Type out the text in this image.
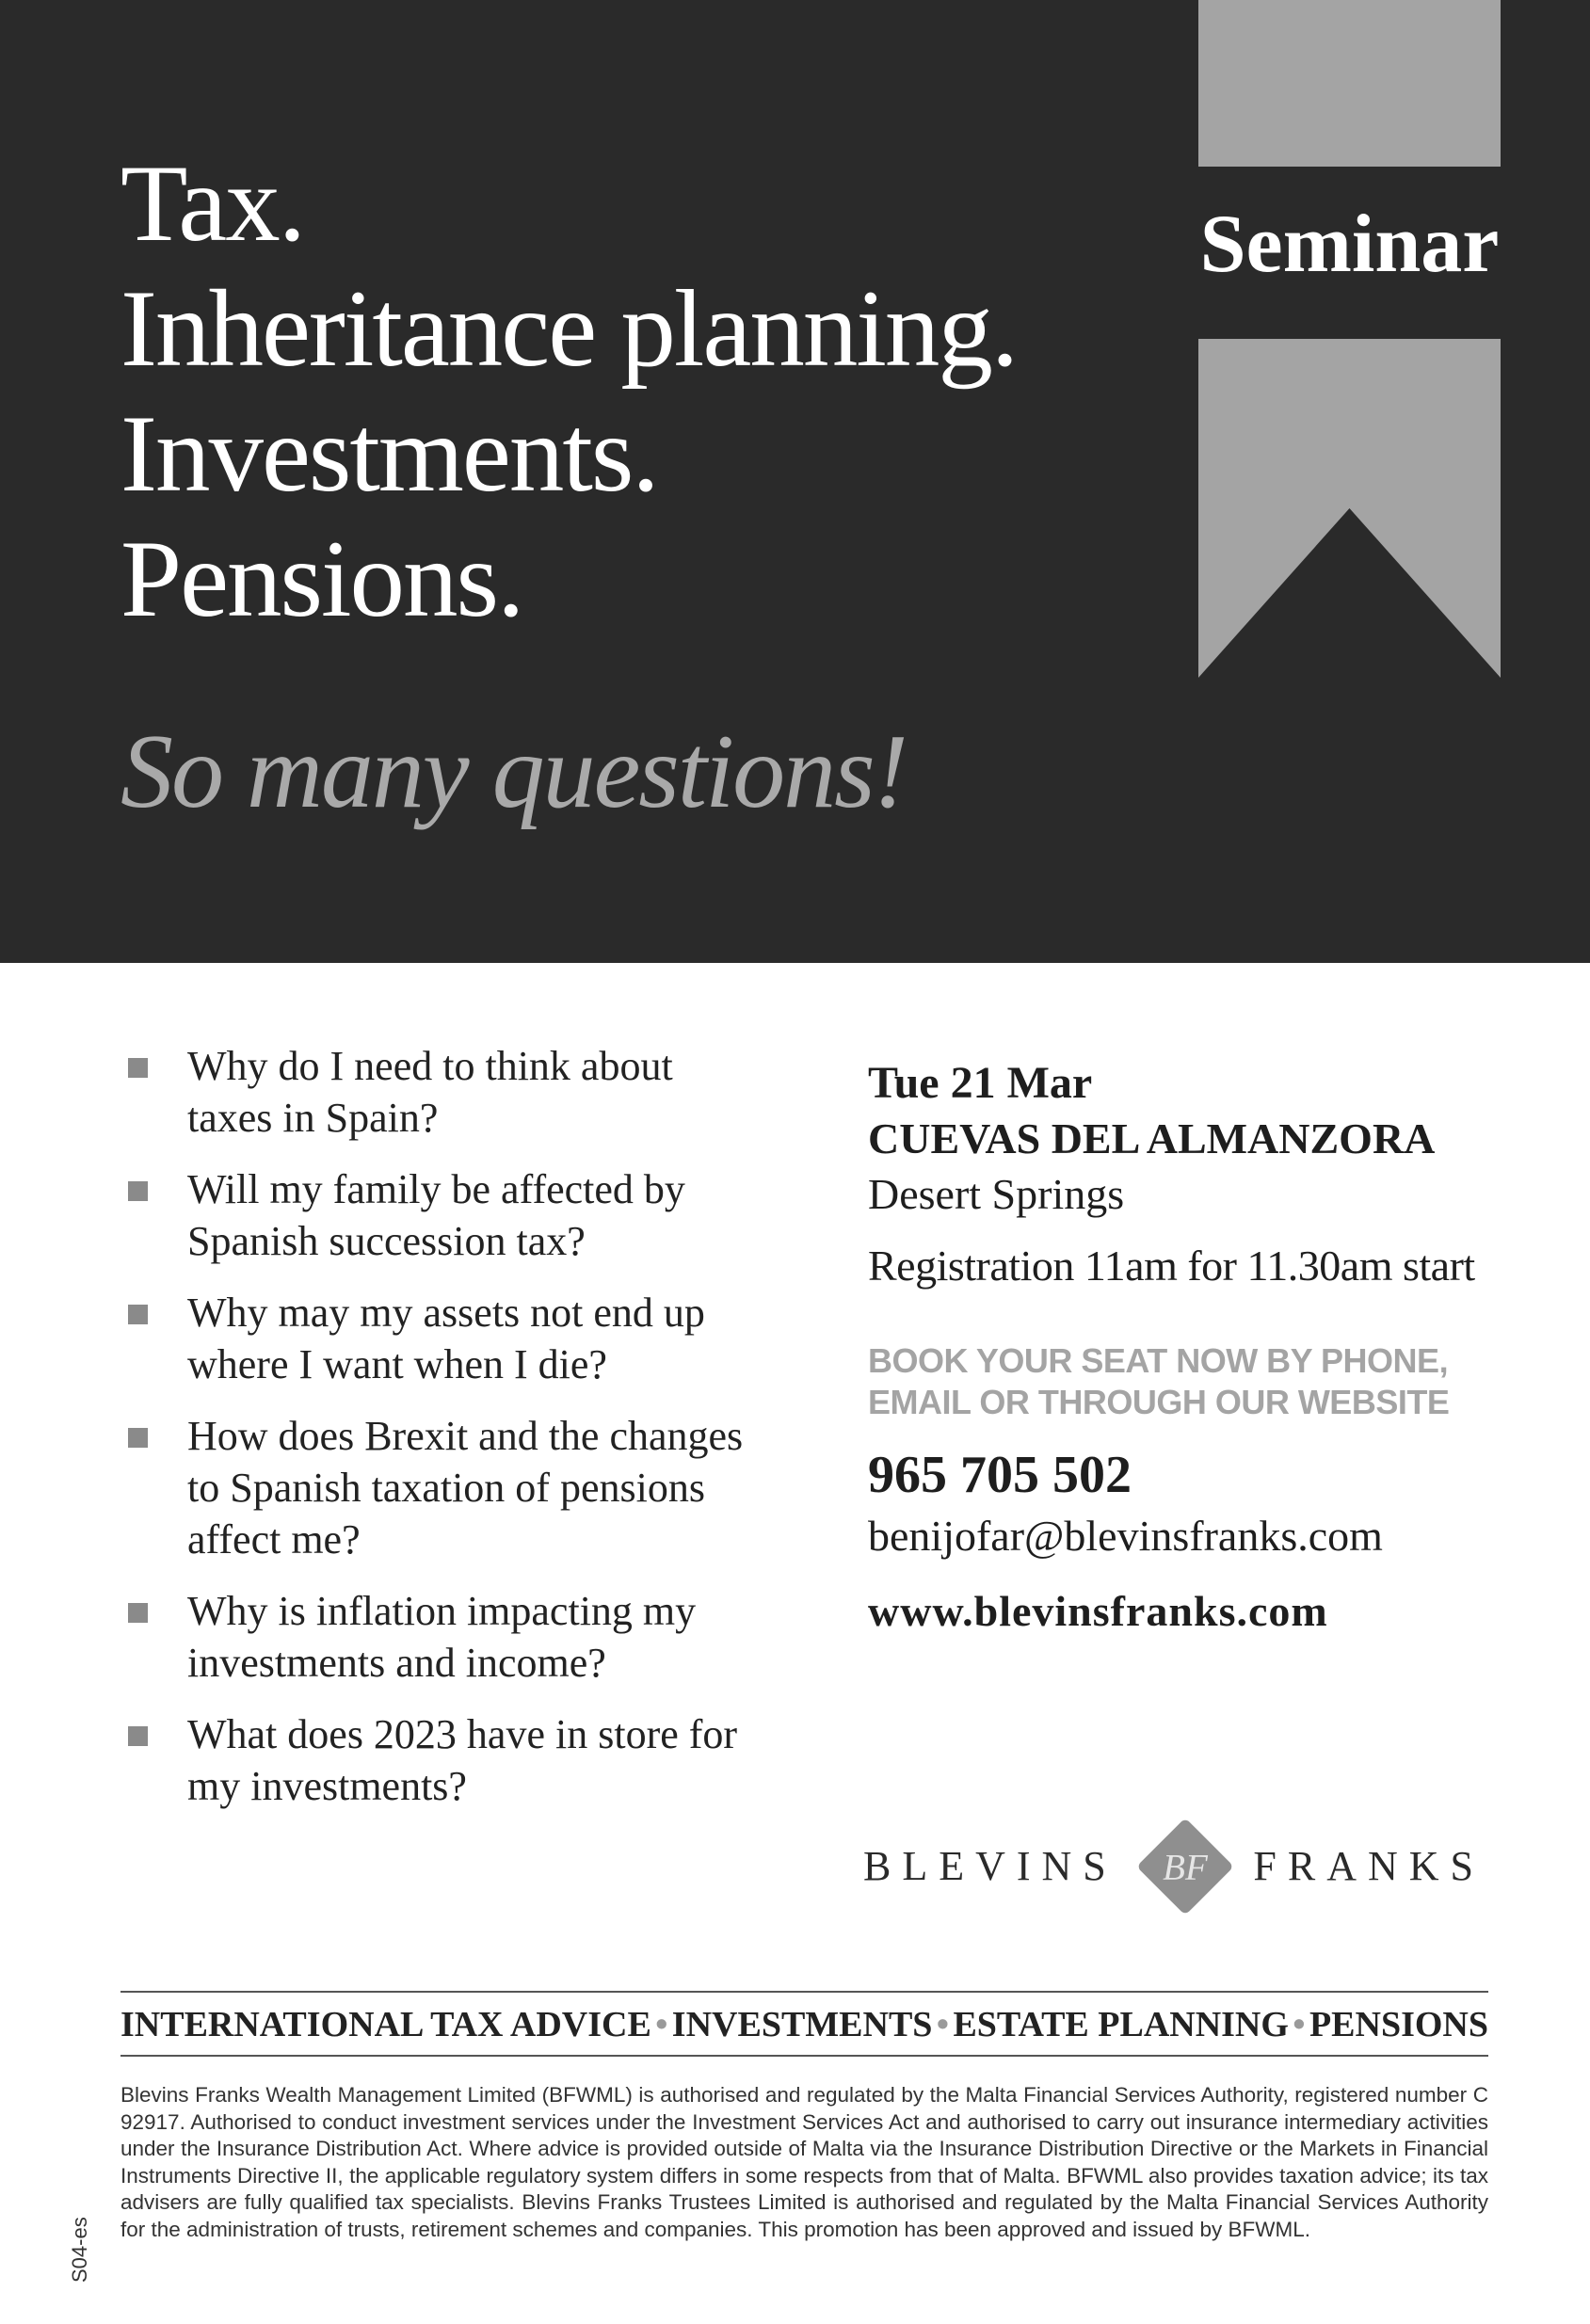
Tax.
Inheritance planning.
Investments.
Pensions.
So many questions!
Seminar
Why do I need to think about taxes in Spain?
Will my family be affected by Spanish succession tax?
Why may my assets not end up where I want when I die?
How does Brexit and the changes to Spanish taxation of pensions affect me?
Why is inflation impacting my investments and income?
What does 2023 have in store for my investments?
Tue 21 Mar
CUEVAS DEL ALMANZORA
Desert Springs
Registration 11am for 11.30am start
BOOK YOUR SEAT NOW BY PHONE,
EMAIL OR THROUGH OUR WEBSITE
965 705 502
benijofar@blevinsfranks.com
www.blevinsfranks.com
BLEVINS BF FRANKS
INTERNATIONAL TAX ADVICE • INVESTMENTS • ESTATE PLANNING • PENSIONS

Blevins Franks Wealth Management Limited (BFWML) is authorised and regulated by the Malta Financial Services Authority, registered number C 92917. Authorised to conduct investment services under the Investment Services Act and authorised to carry out insurance intermediary activities under the Insurance Distribution Act. Where advice is provided outside of Malta via the Insurance Distribution Directive or the Markets in Financial Instruments Directive II, the applicable regulatory system differs in some respects from that of Malta. BFWML also provides taxation advice; its tax advisers are fully qualified tax specialists. Blevins Franks Trustees Limited is authorised and regulated by the Malta Financial Services Authority for the administration of trusts, retirement schemes and companies. This promotion has been approved and issued by BFWML.

S04-es
